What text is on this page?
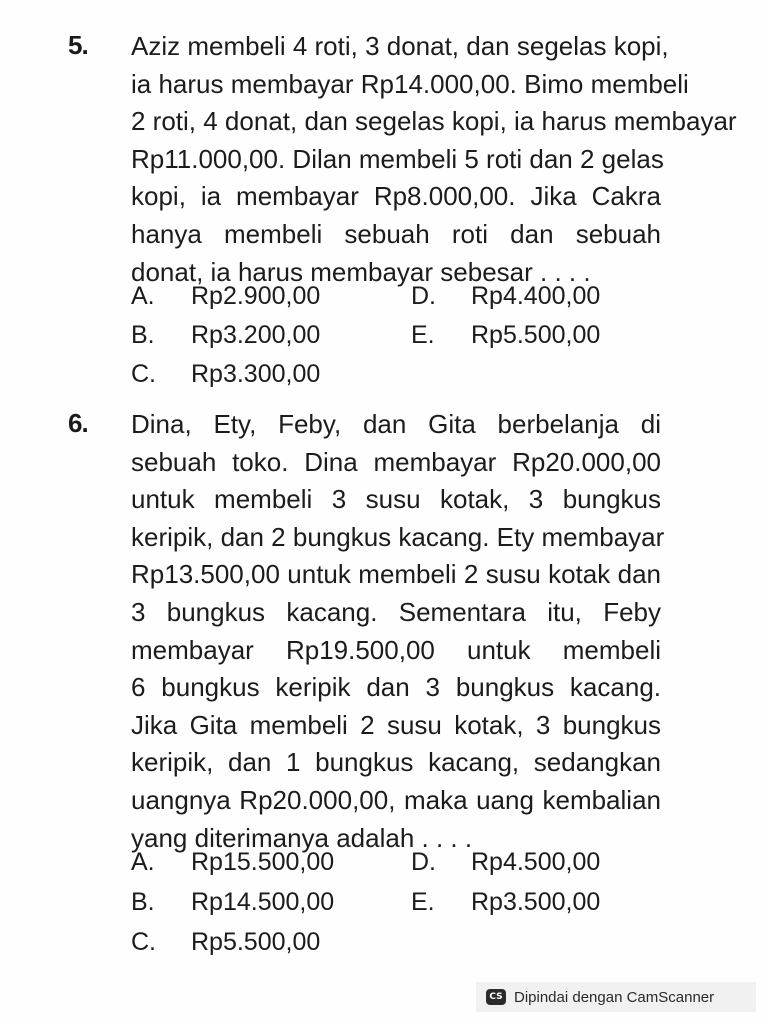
5. Aziz membeli 4 roti, 3 donat, dan segelas kopi,
ia harus membayar Rp14.000,00. Bimo membeli
2 roti, 4 donat, dan segelas kopi, ia harus membayar
Rp11.000,00. Dilan membeli 5 roti dan 2 gelas
kopi, ia membayar Rp8.000,00. Jika Cakra
hanya membeli sebuah roti dan sebuah
donat, ia harus membayar sebesar . . . .

A. Rp2.900,00
B. Rp3.200,00
C. Rp3.300,00
D. Rp4.400,00
E. Rp5.500,00
6. Dina, Ety, Feby, dan Gita berbelanja di
sebuah toko. Dina membayar Rp20.000,00
untuk membeli 3 susu kotak, 3 bungkus
keripik, dan 2 bungkus kacang. Ety membayar
Rp13.500,00 untuk membeli 2 susu kotak dan
3 bungkus kacang. Sementara itu, Feby
membayar Rp19.500,00 untuk membeli
6 bungkus keripik dan 3 bungkus kacang.
Jika Gita membeli 2 susu kotak, 3 bungkus
keripik, dan 1 bungkus kacang, sedangkan
uangnya Rp20.000,00, maka uang kembalian
yang diterimanya adalah . . . .

A. Rp15.500,00
B. Rp14.500,00
C. Rp5.500,00
D. Rp4.500,00
E. Rp3.500,00
CS Dipindai dengan CamScanner
